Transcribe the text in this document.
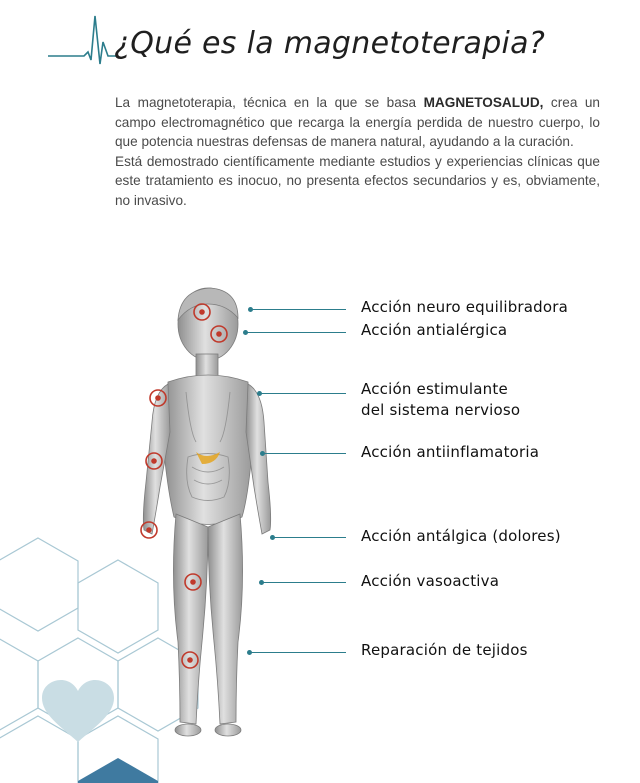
¿Qué es la magnetoterapia?

La magnetoterapia, técnica en la que se basa MAGNETOSALUD, crea un campo electromagnético que recarga la energía perdida de nuestro cuerpo, lo que potencia nuestras defensas de manera natural, ayudando a la curación.

Está demostrado científicamente mediante estudios y experiencias clínicas que este tratamiento es inocuo, no presenta efectos secundarios y es, obviamente, no invasivo.

Acción neuro equilibradora
Acción antialérgica
Acción estimulante
del sistema nervioso
Acción antiinflamatoria
Acción antálgica (dolores)
Acción vasoactiva
Reparación de tejidos
